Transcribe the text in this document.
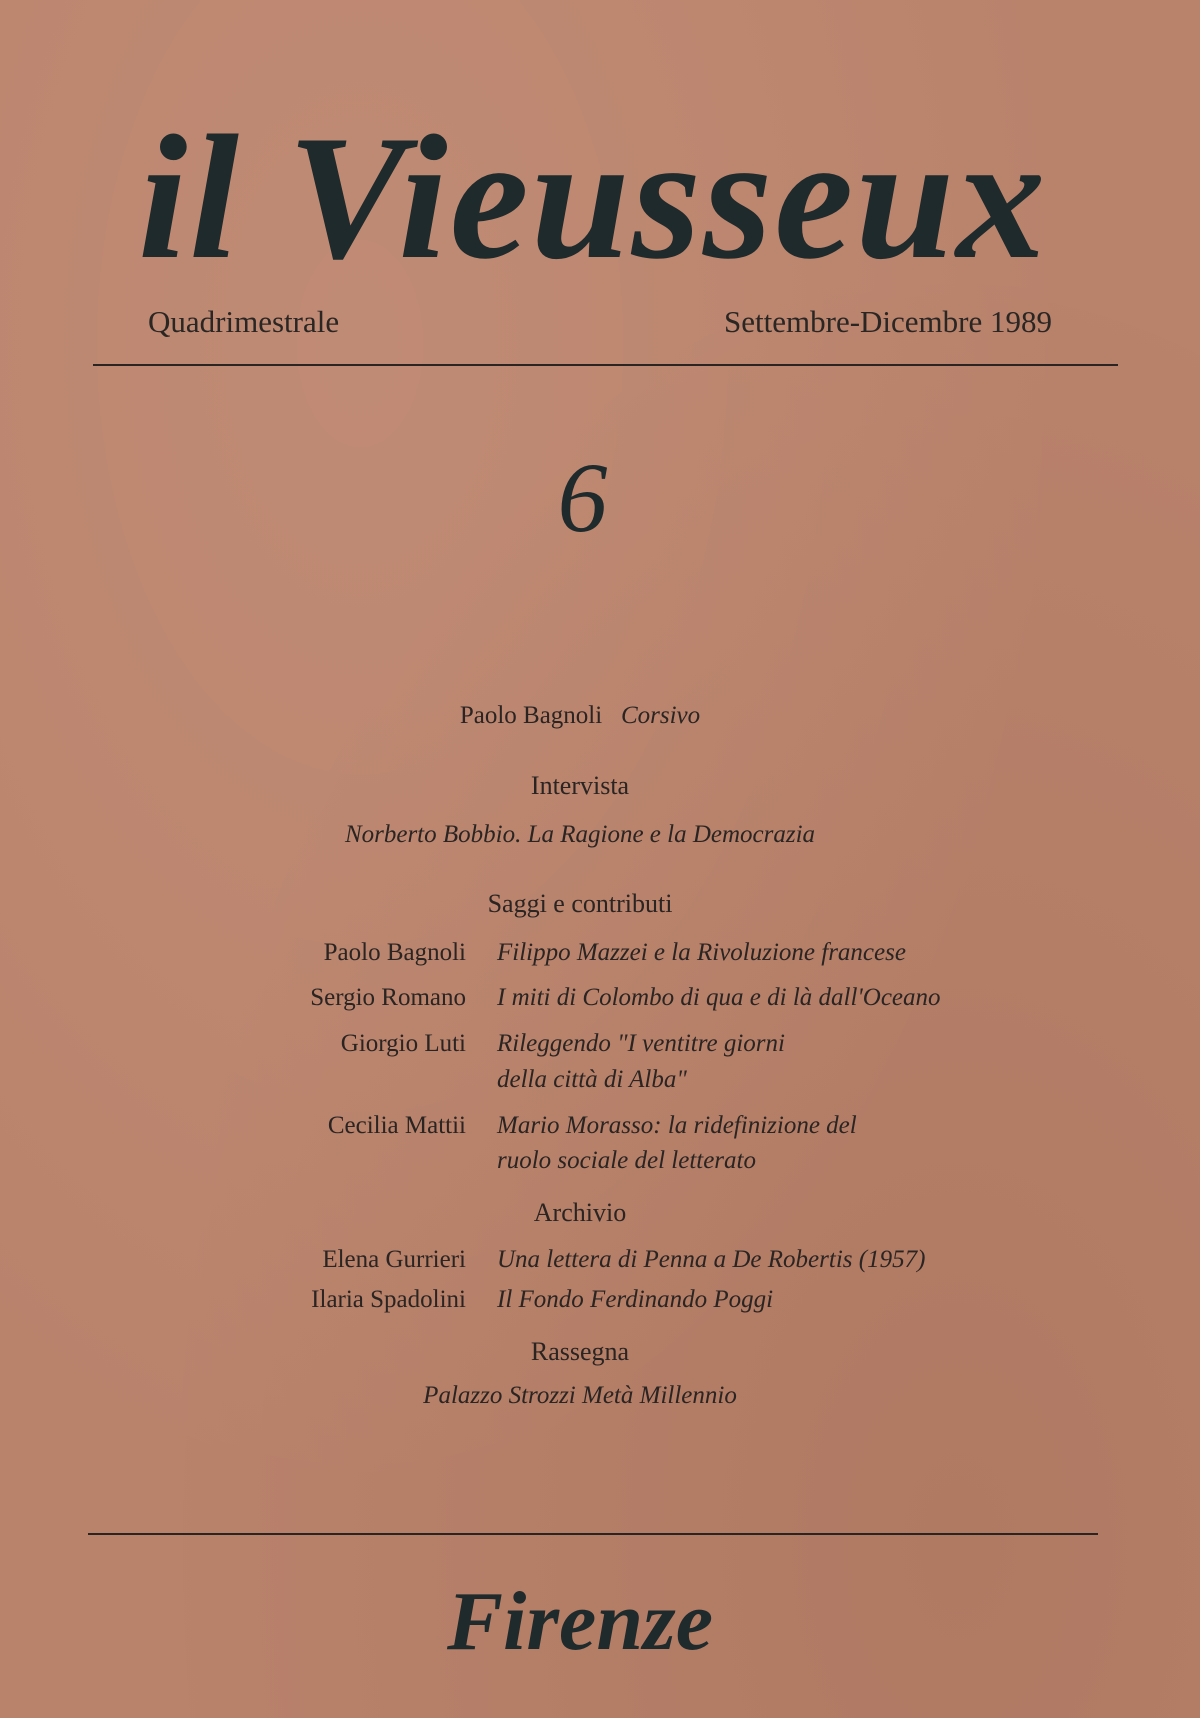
il Vieusseux
Quadrimestrale	Settembre-Dicembre 1989
6
Paolo Bagnoli Corsivo
Intervista
Norberto Bobbio. La Ragione e la Democrazia
Saggi e contributi
Paolo Bagnoli Filippo Mazzei e la Rivoluzione francese
Sergio Romano I miti di Colombo di qua e di là dall'Oceano
Giorgio Luti Rileggendo "I ventitre giorni
della città di Alba"
Cecilia Mattii Mario Morasso: la ridefinizione del
ruolo sociale del letterato
Archivio
Elena Gurrieri Una lettera di Penna a De Robertis (1957)
Ilaria Spadolini Il Fondo Ferdinando Poggi
Rassegna
Palazzo Strozzi Metà Millennio
Firenze
